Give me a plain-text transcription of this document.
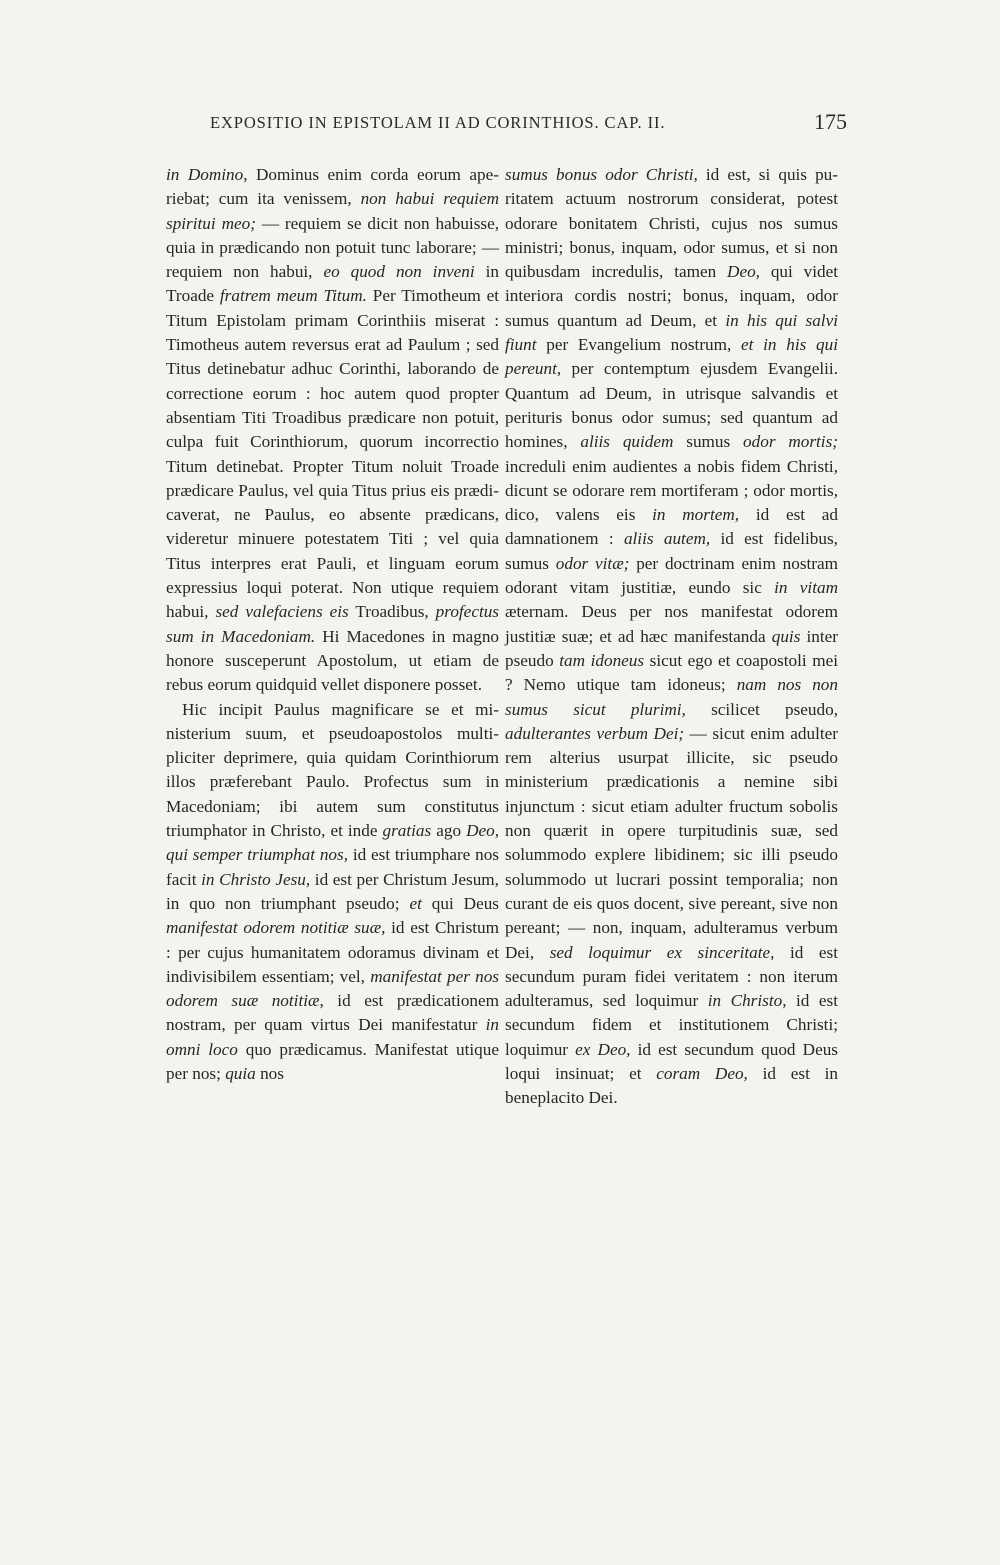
EXPOSITIO IN EPISTOLAM II AD CORINTHIOS. CAP. II.	175

in Domino, Dominus enim corda eorum aperiebat; cum ita venissem, non habui requiem spiritui meo; — requiem se dicit non habuisse, quia in prædicando non potuit tunc laborare; — requiem non habui, eo quod non inveni in Troade fratrem meum Titum. Per Timotheum et Titum Epistolam primam Corinthiis miserat : Timotheus autem reversus erat ad Paulum ; sed Titus detinebatur adhuc Corinthi, laborando de correctione eorum : hoc autem quod propter absentiam Titi Troadibus prædicare non potuit, culpa fuit Corinthiorum, quorum incorrectio Titum detinebat. Propter Titum noluit Troade prædicare Paulus, vel quia Titus prius eis prædicaverat, ne Paulus, eo absente prædicans, videretur minuere potestatem Titi ; vel quia Titus interpres erat Pauli, et linguam eorum expressius loqui poterat. Non utique requiem habui, sed valefaciens eis Troadibus, profectus sum in Macedoniam. Hi Macedones in magno honore susceperunt Apostolum, ut etiam de rebus eorum quidquid vellet disponere posset.

Hic incipit Paulus magnificare se et ministerium suum, et pseudoapostolos multipliciter deprimere, quia quidam Corinthiorum illos præferebant Paulo. Profectus sum in Macedoniam; ibi autem sum constitutus triumphator in Christo, et inde gratias ago Deo, qui semper triumphat nos, id est triumphare nos facit in Christo Jesu, id est per Christum Jesum, in quo non triumphant pseudo; et qui Deus manifestat odorem notitiæ suæ, id est Christum : per cujus humanitatem odoramus divinam et indivisibilem essentiam; vel, manifestat per nos odorem suæ notitiæ, id est prædicationem nostram, per quam virtus Dei manifestatur in omni loco quo prædicamus. Manifestat utique per nos; quia nos

sumus bonus odor Christi, id est, si quis puritatem actuum nostrorum considerat, potest odorare bonitatem Christi, cujus nos sumus ministri; bonus, inquam, odor sumus, et si non quibusdam incredulis, tamen Deo, qui videt interiora cordis nostri; bonus, inquam, odor sumus quantum ad Deum, et in his qui salvi fiunt per Evangelium nostrum, et in his qui pereunt, per contemptum ejusdem Evangelii. Quantum ad Deum, in utrisque salvandis et perituris bonus odor sumus; sed quantum ad homines, aliis quidem sumus odor mortis; increduli enim audientes a nobis fidem Christi, dicunt se odorare rem mortiferam ; odor mortis, dico, valens eis in mortem, id est ad damnationem : aliis autem, id est fidelibus, sumus odor vitæ; per doctrinam enim nostram odorant vitam justitiæ, eundo sic in vitam æternam. Deus per nos manifestat odorem justitiæ suæ; et ad hæc manifestanda quis inter pseudo tam idoneus sicut ego et coapostoli mei ? Nemo utique tam idoneus; nam nos non sumus sicut plurimi, scilicet pseudo, adulterantes verbum Dei; — sicut enim adulter rem alterius usurpat illicite, sic pseudo ministerium prædicationis a nemine sibi injunctum : sicut etiam adulter fructum sobolis non quærit in opere turpitudinis suæ, sed solummodo explere libidinem; sic illi pseudo solummodo ut lucrari possint temporalia; non curant de eis quos docent, sive pereant, sive non pereant; — non, inquam, adulteramus verbum Dei, sed loquimur ex sinceritate, id est secundum puram fidei veritatem : non iterum adulteramus, sed loquimur in Christo, id est secundum fidem et institutionem Christi; loquimur ex Deo, id est secundum quod Deus loqui insinuat; et coram Deo, id est in beneplacito Dei.
